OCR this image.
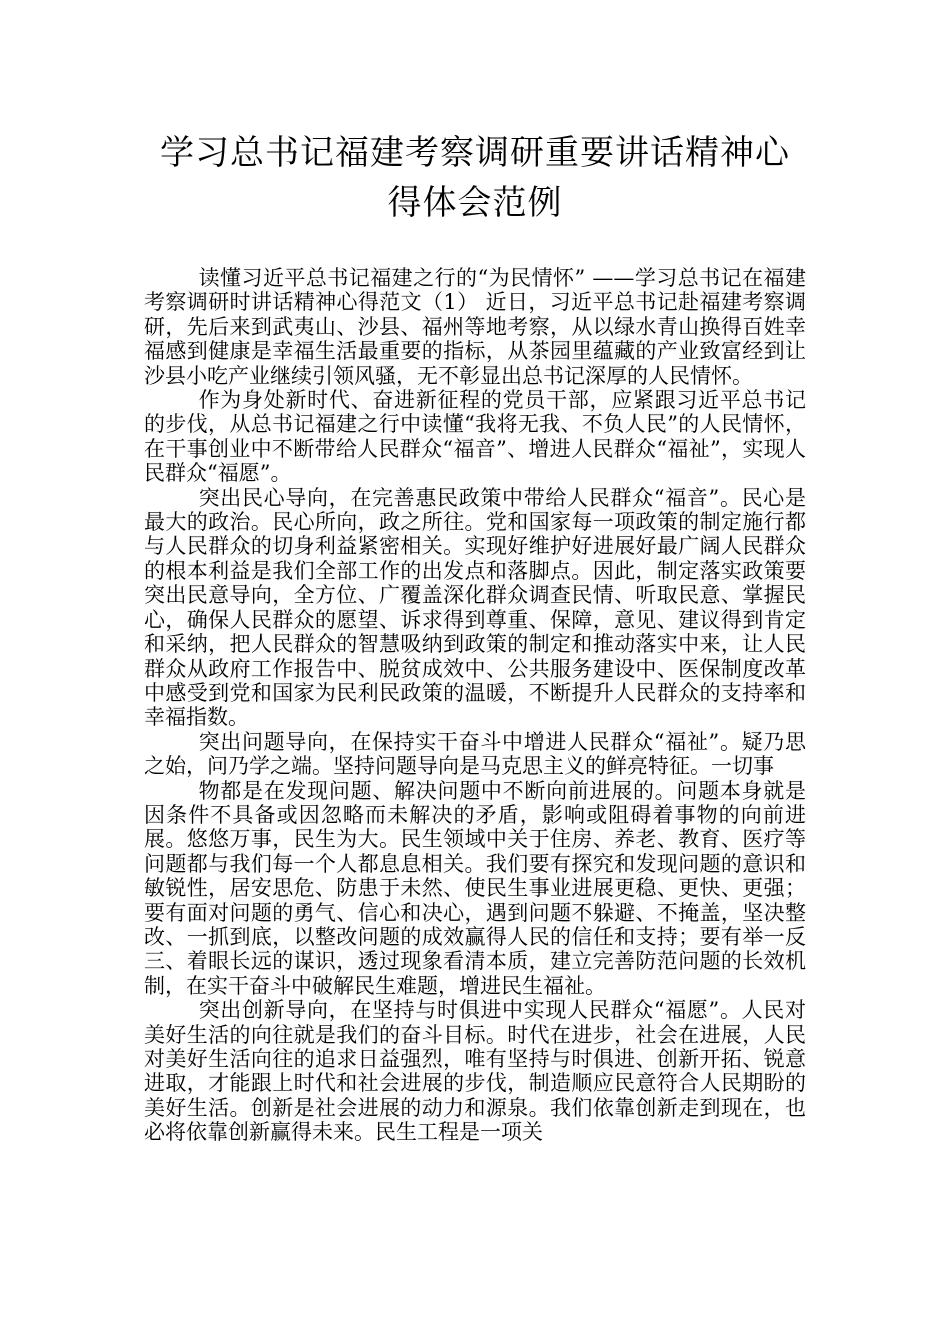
学习总书记福建考察调研重要讲话精神心
得体会范例

读懂习近平总书记福建之行的“为民情怀” ——学习总书记在福建考察调研时讲话精神心得范文（1） 近日，习近平总书记赴福建考察调研，先后来到武夷山、沙县、福州等地考察，从以绿水青山换得百姓幸福感到健康是幸福生活最重要的指标，从茶园里蕴藏的产业致富经到让沙县小吃产业继续引领风骚，无不彰显出总书记深厚的人民情怀。

作为身处新时代、奋进新征程的党员干部，应紧跟习近平总书记的步伐，从总书记福建之行中读懂“我将无我、不负人民”的人民情怀，在干事创业中不断带给人民群众“福音”、增进人民群众“福祉”，实现人民群众“福愿”。

突出民心导向，在完善惠民政策中带给人民群众“福音”。民心是最大的政治。民心所向，政之所往。党和国家每一项政策的制定施行都与人民群众的切身利益紧密相关。实现好维护好进展好最广阔人民群众的根本利益是我们全部工作的出发点和落脚点。因此，制定落实政策要突出民意导向，全方位、广覆盖深化群众调查民情、听取民意、掌握民心，确保人民群众的愿望、诉求得到尊重、保障，意见、建议得到肯定和采纳，把人民群众的智慧吸纳到政策的制定和推动落实中来，让人民群众从政府工作报告中、脱贫成效中、公共服务建设中、医保制度改革中感受到党和国家为民利民政策的温暖，不断提升人民群众的支持率和幸福指数。

突出问题导向，在保持实干奋斗中增进人民群众“福祉”。疑乃思之始，问乃学之端。坚持问题导向是马克思主义的鲜亮特征。一切事

物都是在发现问题、解决问题中不断向前进展的。问题本身就是因条件不具备或因忽略而未解决的矛盾，影响或阻碍着事物的向前进展。悠悠万事，民生为大。民生领域中关于住房、养老、教育、医疗等问题都与我们每一个人都息息相关。我们要有探究和发现问题的意识和敏锐性，居安思危、防患于未然、使民生事业进展更稳、更快、更强；要有面对问题的勇气、信心和决心，遇到问题不躲避、不掩盖，坚决整改、一抓到底，以整改问题的成效赢得人民的信任和支持；要有举一反三、着眼长远的谋识，透过现象看清本质，建立完善防范问题的长效机制，在实干奋斗中破解民生难题，增进民生福祉。

突出创新导向，在坚持与时俱进中实现人民群众“福愿”。人民对美好生活的向往就是我们的奋斗目标。时代在进步，社会在进展，人民对美好生活向往的追求日益强烈，唯有坚持与时俱进、创新开拓、锐意进取，才能跟上时代和社会进展的步伐，制造顺应民意符合人民期盼的美好生活。创新是社会进展的动力和源泉。我们依靠创新走到现在，也必将依靠创新赢得未来。民生工程是一项关
